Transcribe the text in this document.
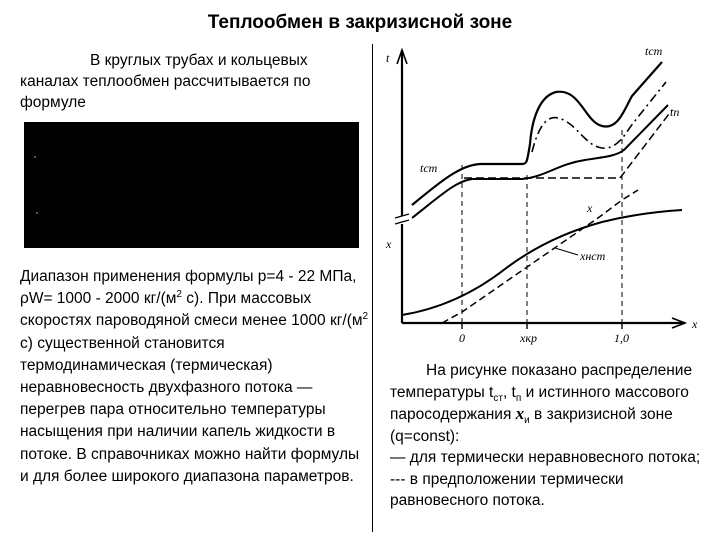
Теплообмен в закризисной зоне
В круглых трубах и кольцевых каналах теплообмен рассчитывается по формуле
Диапазон применения формулы p=4 - 22 МПа, ρW= 1000 - 2000 $кг/(м^2$ с). При массовых скоростях пароводяной смеси менее 1000 $кг/(м^2$ с) существенной становится термодинамическая (термическая) неравновесность двухфазного потока — перегрев пара относительно температуры насыщения при наличии капель жидкости в потоке. В справочниках можно найти формулы и для более широкого диапазона параметров.
t
x
x
tст
tп
tст
x
xнст
0	xкр	1,0
На рисунке показано распределение температуры $t_{ст}$, $t_п$ и истинного массового паросодержания $x_и$ в закризисной зоне (q=const):
— для термически неравновесного потока;
--- в предположении термически равновесного потока.
